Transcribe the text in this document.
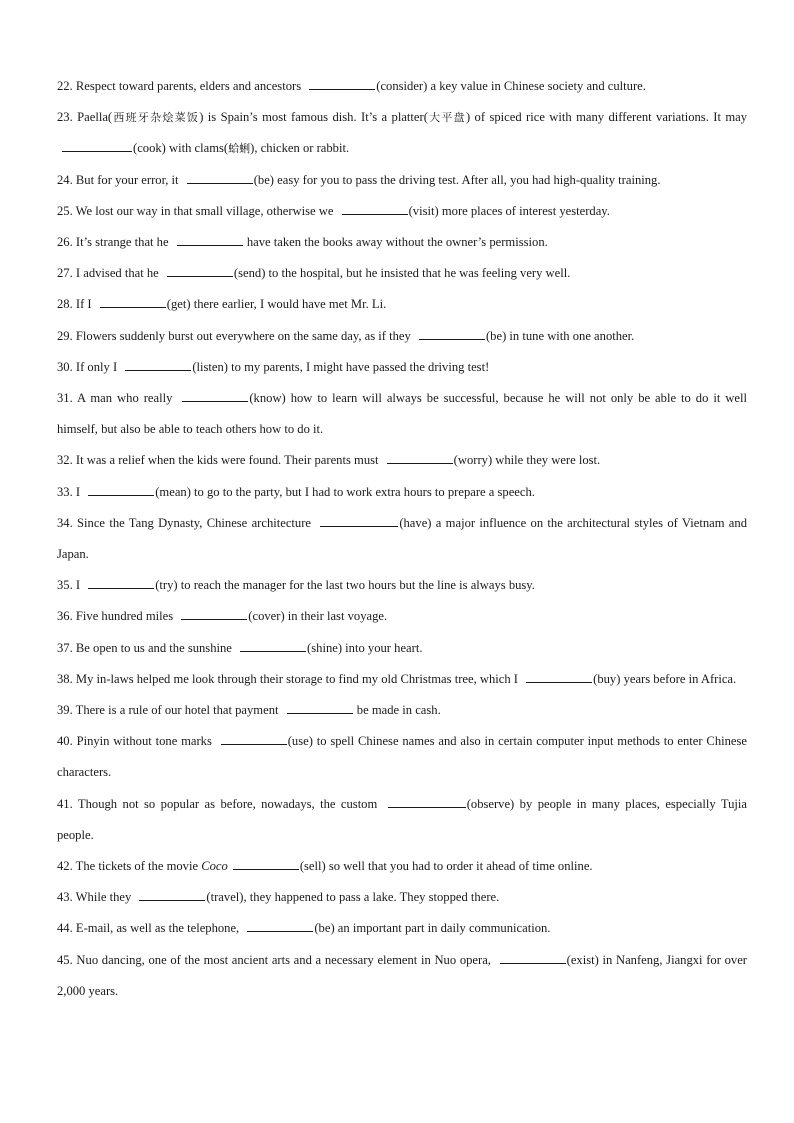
22. Respect toward parents, elders and ancestors	(consider) a key value in Chinese society and culture.

23. Paella(西班牙杂烩菜饭) is Spain’s most famous dish. It’s a platter(大平盘) of spiced rice with many different variations. It may (cook) with clams(蛤蜊), chicken or rabbit.

24. But for your error, it	(be) easy for you to pass the driving test. After all, you had high-quality training.

25. We lost our way in that small village, otherwise we	(visit) more places of interest yesterday.

26. It’s strange that he	have taken the books away without the owner’s permission.

27. I advised that he	(send) to the hospital, but he insisted that he was feeling very well.

28. If I	(get) there earlier, I would have met Mr. Li.

29. Flowers suddenly burst out everywhere on the same day, as if they	(be) in tune with one another.

30. If only I	(listen) to my parents, I might have passed the driving test!

31. A man who really	(know) how to learn will always be successful, because he will not only be able to do it well himself, but also be able to teach others how to do it.

32. It was a relief when the kids were found. Their parents must	(worry) while they were lost.

33. I	(mean) to go to the party, but I had to work extra hours to prepare a speech.

34. Since the Tang Dynasty, Chinese architecture	(have) a major influence on the architectural styles of Vietnam and Japan.

35. I	(try) to reach the manager for the last two hours but the line is always busy.

36. Five hundred miles	(cover) in their last voyage.

37. Be open to us and the sunshine	(shine) into your heart.

38. My in-laws helped me look through their storage to find my old Christmas tree, which I	(buy) years before in Africa.

39. There is a rule of our hotel that payment	be made in cash.

40. Pinyin without tone marks	(use) to spell Chinese names and also in certain computer input methods to enter Chinese characters.

41. Though not so popular as before, nowadays, the custom	(observe) by people in many places, especially Tujia people.

42. The tickets of the movie Coco	(sell) so well that you had to order it ahead of time online.

43. While they	(travel), they happened to pass a lake. They stopped there.

44. E-mail, as well as the telephone,	(be) an important part in daily communication.

45. Nuo dancing, one of the most ancient arts and a necessary element in Nuo opera,	(exist) in Nanfeng, Jiangxi for over 2,000 years.
